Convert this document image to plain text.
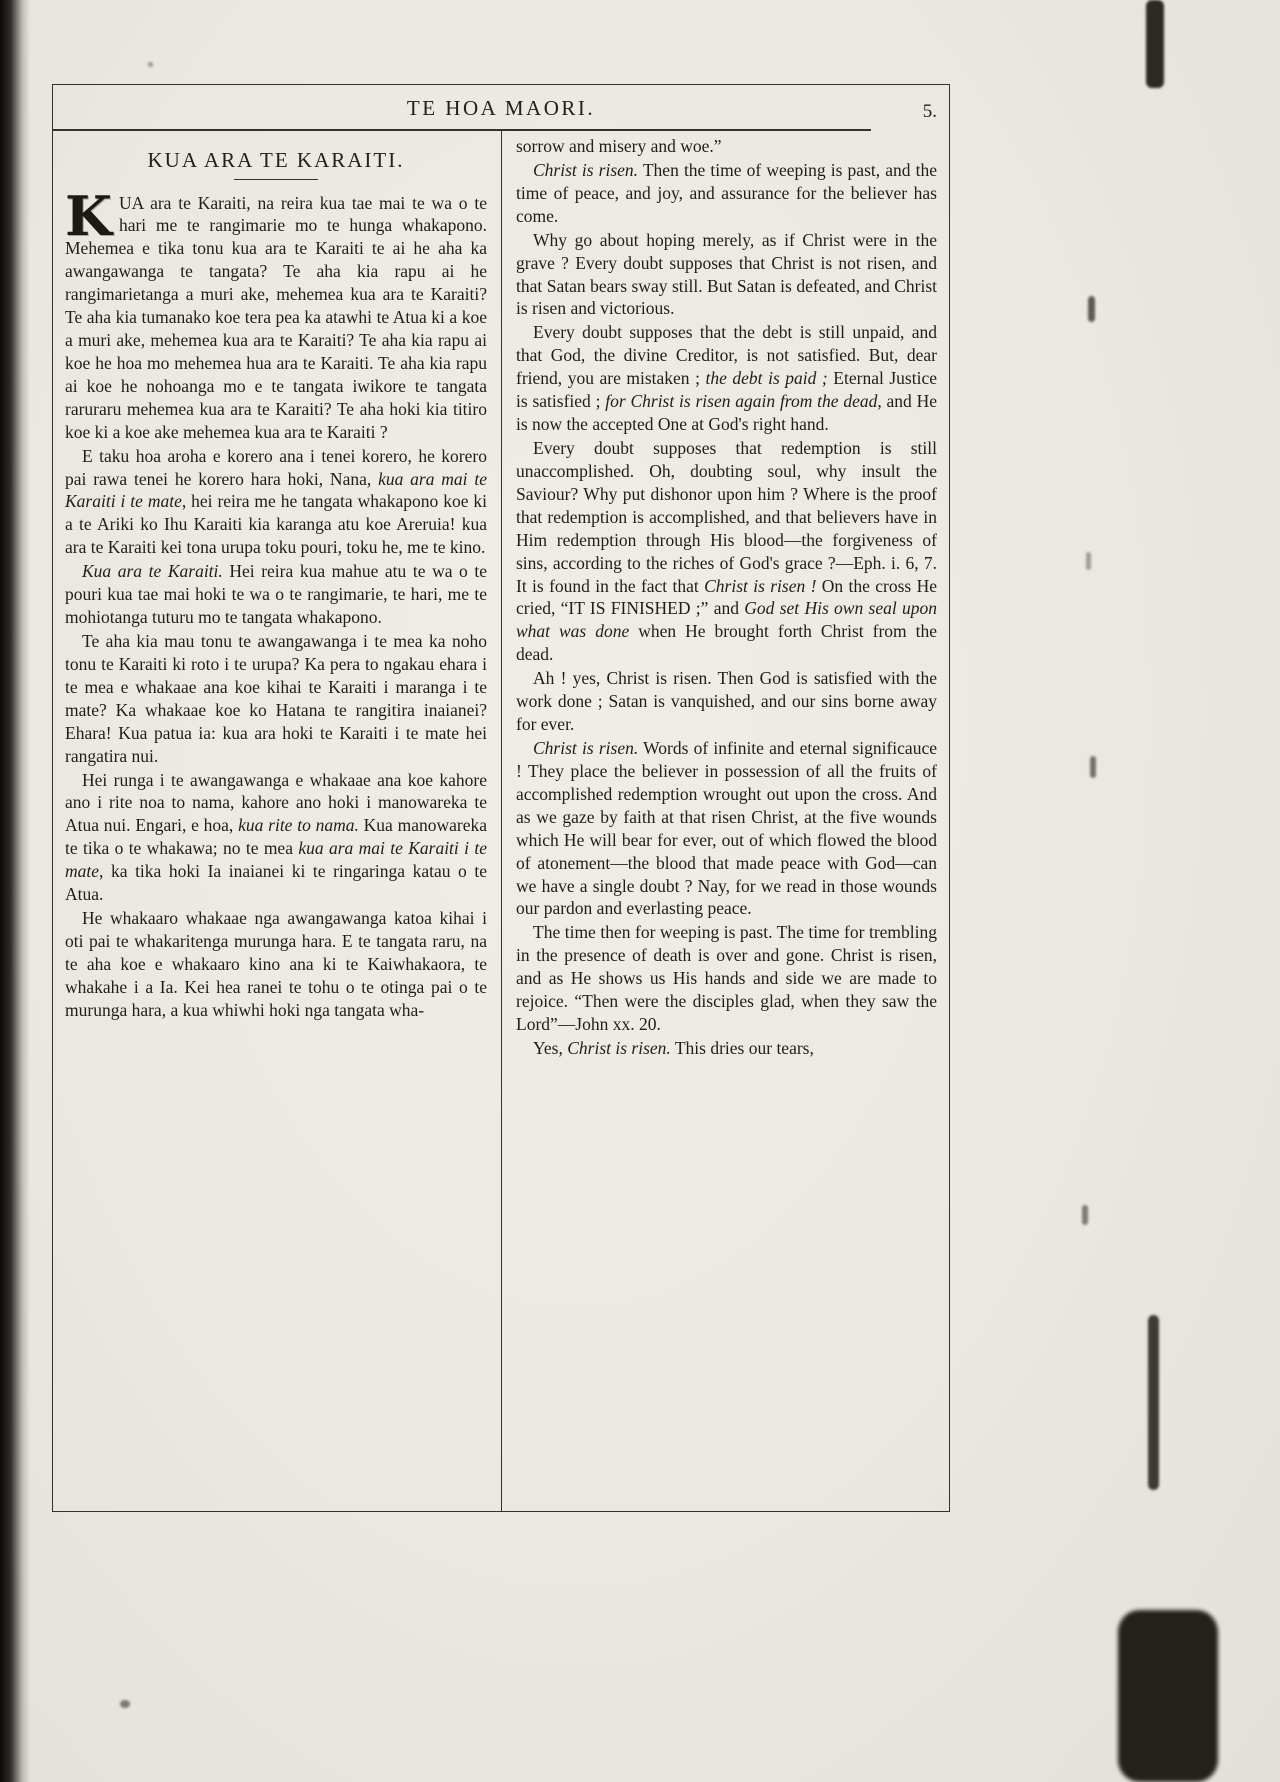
TE HOA MAORI.	5.
KUA ARA TE KARAITI.

KUA ara te Karaiti, na reira kua tae mai te wa o te hari me te rangimarie mo te hunga whakapono. Mehemea e tika tonu kua ara te Karaiti te ai he aha ka awangawanga te tangata? Te aha kia rapu ai he rangimarietanga a muri ake, mehemea kua ara te Karaiti? Te aha kia tumanako koe tera pea ka atawhi te Atua ki a koe a muri ake, mehemea kua ara te Karaiti? Te aha kia rapu ai koe he hoa mo mehemea hua ara te Karaiti. Te aha kia rapu ai koe he nohoanga mo e te tangata iwikore te tangata raruraru mehemea kua ara te Karaiti? Te aha hoki kia titiro koe ki a koe ake mehemea kua ara te Karaiti ?

E taku hoa aroha e korero ana i tenei korero, he korero pai rawa tenei he korero hara hoki, Nana, kua ara mai te Karaiti i te mate, hei reira me he tangata whakapono koe ki a te Ariki ko Ihu Karaiti kia karanga atu koe Areruia! kua ara te Karaiti kei tona urupa toku pouri, toku he, me te kino.

Kua ara te Karaiti. Hei reira kua mahue atu te wa o te pouri kua tae mai hoki te wa o te rangimarie, te hari, me te mohiotanga tuturu mo te tangata whakapono.

Te aha kia mau tonu te awangawanga i te mea ka noho tonu te Karaiti ki roto i te urupa? Ka pera to ngakau ehara i te mea e whakaae ana koe kihai te Karaiti i maranga i te mate? Ka whakaae koe ko Hatana te rangitira inaianei? Ehara! Kua patua ia: kua ara hoki te Karaiti i te mate hei rangatira nui.

Hei runga i te awangawanga e whakaae ana koe kahore ano i rite noa to nama, kahore ano hoki i manowareka te Atua nui. Engari, e hoa, kua rite to nama. Kua manowareka te tika o te whakawa; no te mea kua ara mai te Karaiti i te mate, ka tika hoki Ia inaianei ki te ringaringa katau o te Atua.

He whakaaro whakaae nga awangawanga katoa kihai i oti pai te whakaritenga murunga hara. E te tangata raru, na te aha koe e whakaaro kino ana ki te Kaiwhakaora, te whakahe i a Ia. Kei hea ranei te tohu o te otinga pai o te murunga hara, a kua whiwhi hoki nga tangata wha-

sorrow and misery and woe.”

Christ is risen. Then the time of weeping is past, and the time of peace, and joy, and assurance for the believer has come.

Why go about hoping merely, as if Christ were in the grave ? Every doubt supposes that Christ is not risen, and that Satan bears sway still. But Satan is defeated, and Christ is risen and victorious.

Every doubt supposes that the debt is still unpaid, and that God, the divine Creditor, is not satisfied. But, dear friend, you are mistaken ; the debt is paid ; Eternal Justice is satisfied ; for Christ is risen again from the dead, and He is now the accepted One at God's right hand.

Every doubt supposes that redemption is still unaccomplished. Oh, doubting soul, why insult the Saviour? Why put dishonor upon him ? Where is the proof that redemption is accomplished, and that believers have in Him redemption through His blood—the forgiveness of sins, according to the riches of God's grace ?—Eph. i. 6, 7. It is found in the fact that Christ is risen ! On the cross He cried, “IT IS FINISHED ;” and God set His own seal upon what was done when He brought forth Christ from the dead.

Ah ! yes, Christ is risen. Then God is satisfied with the work done ; Satan is vanquished, and our sins borne away for ever.

Christ is risen. Words of infinite and eternal significauce ! They place the believer in possession of all the fruits of accomplished redemption wrought out upon the cross. And as we gaze by faith at that risen Christ, at the five wounds which He will bear for ever, out of which flowed the blood of atonement—the blood that made peace with God—can we have a single doubt ? Nay, for we read in those wounds our pardon and everlasting peace.

The time then for weeping is past. The time for trembling in the presence of death is over and gone. Christ is risen, and as He shows us His hands and side we are made to rejoice. “Then were the disciples glad, when they saw the Lord”—John xx. 20.

Yes, Christ is risen. This dries our tears,
